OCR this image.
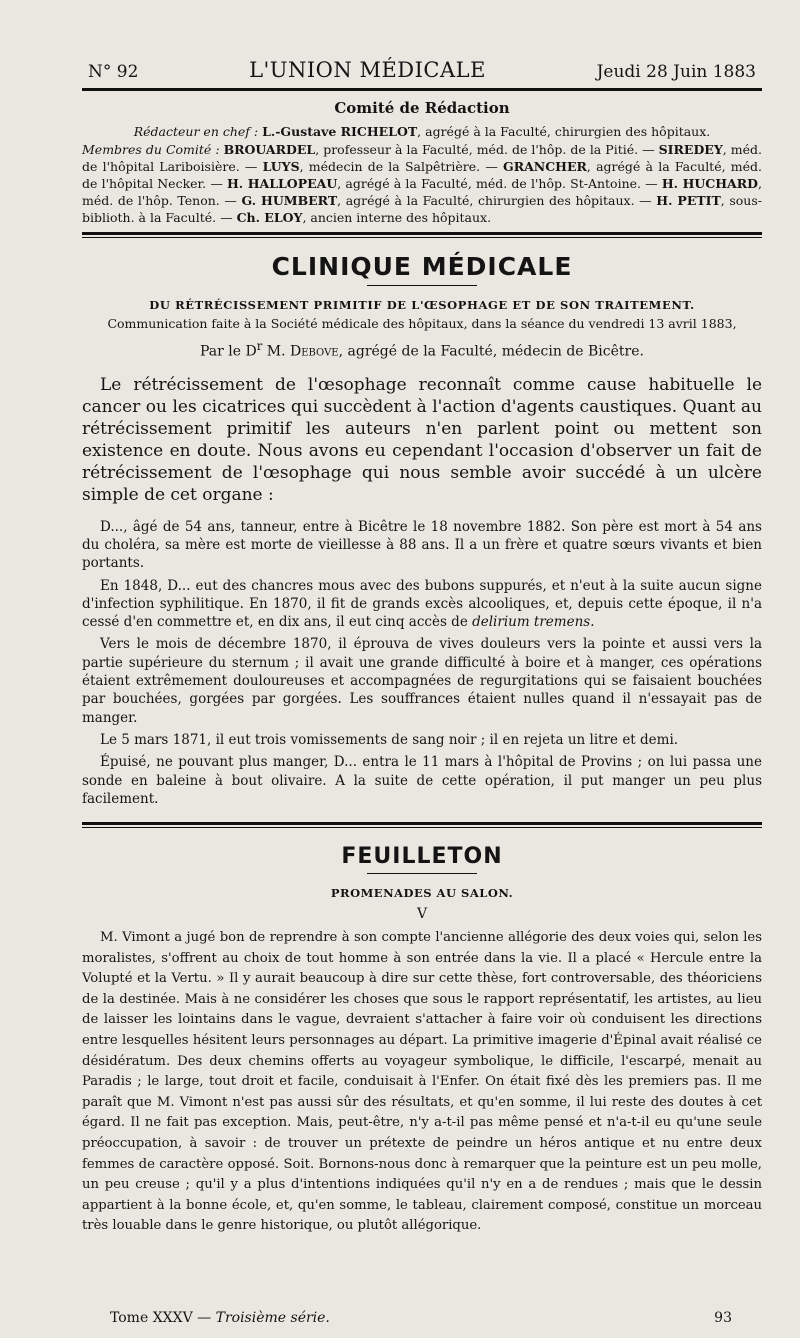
N° 92	L'UNION MÉDICALE	Jeudi 28 Juin 1883
Comité de Rédaction

Rédacteur en chef : L.-Gustave RICHELOT, agrégé à la Faculté, chirurgien des hôpitaux.

Membres du Comité : BROUARDEL, professeur à la Faculté, méd. de l'hôp. de la Pitié. — SIREDEY, méd. de l'hôpital Lariboisière. — LUYS, médecin de la Salpêtrière. — GRANCHER, agrégé à la Faculté, méd. de l'hôpital Necker. — H. HALLOPEAU, agrégé à la Faculté, méd. de l'hôp. St-Antoine. — H. HUCHARD, méd. de l'hôp. Tenon. — G. HUMBERT, agrégé à la Faculté, chirurgien des hôpitaux. — H. PETIT, sous-biblioth. à la Faculté. — Ch. ELOY, ancien interne des hôpitaux.

CLINIQUE MÉDICALE
DU RÉTRÉCISSEMENT PRIMITIF DE L'ŒSOPHAGE ET DE SON TRAITEMENT.
Communication faite à la Société médicale des hôpitaux, dans la séance du vendredi 13 avril 1883,
Par le $D^r$ M. Debove, agrégé de la Faculté, médecin de Bicêtre.

Le rétrécissement de l'œsophage reconnaît comme cause habituelle le cancer ou les cicatrices qui succèdent à l'action d'agents caustiques. Quant au rétrécissement primitif les auteurs n'en parlent point ou mettent son existence en doute. Nous avons eu cependant l'occasion d'observer un fait de rétrécissement de l'œsophage qui nous semble avoir succédé à un ulcère simple de cet organe :

D..., âgé de 54 ans, tanneur, entre à Bicêtre le 18 novembre 1882. Son père est mort à 54 ans du choléra, sa mère est morte de vieillesse à 88 ans. Il a un frère et quatre sœurs vivants et bien portants.

En 1848, D... eut des chancres mous avec des bubons suppurés, et n'eut à la suite aucun signe d'infection syphilitique. En 1870, il fit de grands excès alcooliques, et, depuis cette époque, il n'a cessé d'en commettre et, en dix ans, il eut cinq accès de delirium tremens.

Vers le mois de décembre 1870, il éprouva de vives douleurs vers la pointe et aussi vers la partie supérieure du sternum ; il avait une grande difficulté à boire et à manger, ces opérations étaient extrêmement douloureuses et accompagnées de regurgitations qui se faisaient bouchées par bouchées, gorgées par gorgées. Les souffrances étaient nulles quand il n'essayait pas de manger.

Le 5 mars 1871, il eut trois vomissements de sang noir ; il en rejeta un litre et demi.

Épuisé, ne pouvant plus manger, D... entra le 11 mars à l'hôpital de Provins ; on lui passa une sonde en baleine à bout olivaire. A la suite de cette opération, il put manger un peu plus facilement.

FEUILLETON
PROMENADES AU SALON.
V

M. Vimont a jugé bon de reprendre à son compte l'ancienne allégorie des deux voies qui, selon les moralistes, s'offrent au choix de tout homme à son entrée dans la vie. Il a placé « Hercule entre la Volupté et la Vertu. » Il y aurait beaucoup à dire sur cette thèse, fort controversable, des théoriciens de la destinée. Mais à ne considérer les choses que sous le rapport représentatif, les artistes, au lieu de laisser les lointains dans le vague, devraient s'attacher à faire voir où conduisent les directions entre lesquelles hésitent leurs personnages au départ. La primitive imagerie d'Épinal avait réalisé ce désidératum. Des deux chemins offerts au voyageur symbolique, le difficile, l'escarpé, menait au Paradis ; le large, tout droit et facile, conduisait à l'Enfer. On était fixé dès les premiers pas. Il me paraît que M. Vimont n'est pas aussi sûr des résultats, et qu'en somme, il lui reste des doutes à cet égard. Il ne fait pas exception. Mais, peut-être, n'y a-t-il pas même pensé et n'a-t-il eu qu'une seule préoccupation, à savoir : de trouver un prétexte de peindre un héros antique et nu entre deux femmes de caractère opposé. Soit. Bornons-nous donc à remarquer que la peinture est un peu molle, un peu creuse ; qu'il y a plus d'intentions indiquées qu'il n'y en a de rendues ; mais que le dessin appartient à la bonne école, et, qu'en somme, le tableau, clairement composé, constitue un morceau très louable dans le genre historique, ou plutôt allégorique.

Tome XXXV — Troisième série.	93
